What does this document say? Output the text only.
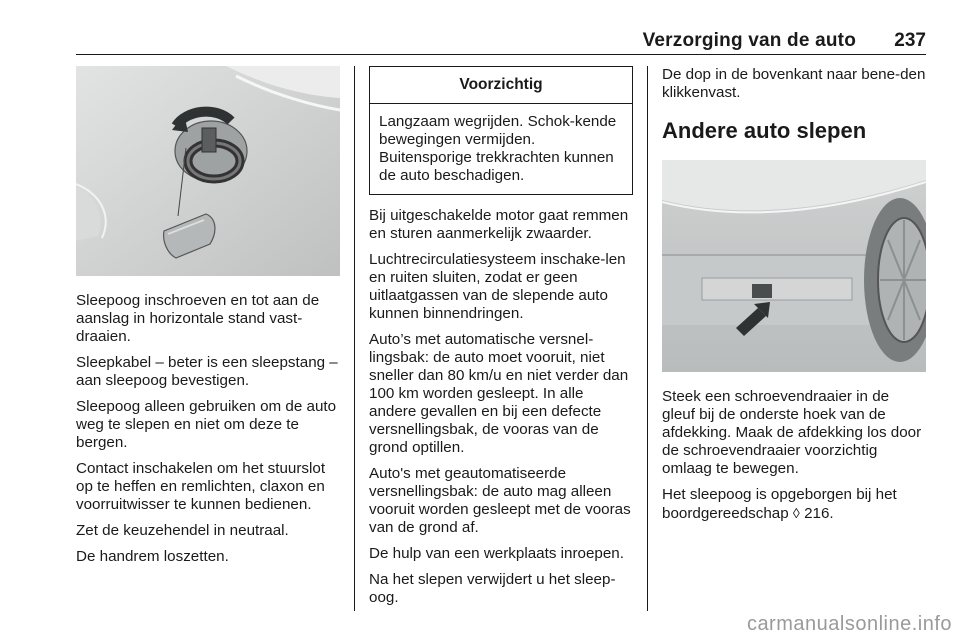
Verzorging van de auto 237

Sleepoog inschroeven en tot aan de aanslag in horizontale stand vast-draaien.

Sleepkabel – beter is een sleepstang – aan sleepoog bevestigen.

Sleepoog alleen gebruiken om de auto weg te slepen en niet om deze te bergen.

Contact inschakelen om het stuurslot op te heffen en remlichten, claxon en voorruitwisser te kunnen bedienen.

Zet de keuzehendel in neutraal.

De handrem loszetten.

Voorzichtig
Langzaam wegrijden. Schok-kende bewegingen vermijden. Buitensporige trekkrachten kunnen de auto beschadigen.

Bij uitgeschakelde motor gaat remmen en sturen aanmerkelijk zwaarder.

Luchtrecirculatiesysteem inschake-len en ruiten sluiten, zodat er geen uitlaatgassen van de slepende auto kunnen binnendringen.

Auto’s met automatische versnel-lingsbak: de auto moet vooruit, niet sneller dan 80 km/u en niet verder dan 100 km worden gesleept. In alle andere gevallen en bij een defecte versnellingsbak, de vooras van de grond optillen.

Auto's met geautomatiseerde versnellingsbak: de auto mag alleen vooruit worden gesleept met de vooras van de grond af.

De hulp van een werkplaats inroepen.

Na het slepen verwijdert u het sleep-oog.

De dop in de bovenkant naar bene-den klikkenvast.

Andere auto slepen

Steek een schroevendraaier in de gleuf bij de onderste hoek van de afdekking. Maak de afdekking los door de schroevendraaier voorzichtig omlaag te bewegen.

Het sleepoog is opgeborgen bij het boordgereedschap ◊ 216.

carmanualsonline.info
